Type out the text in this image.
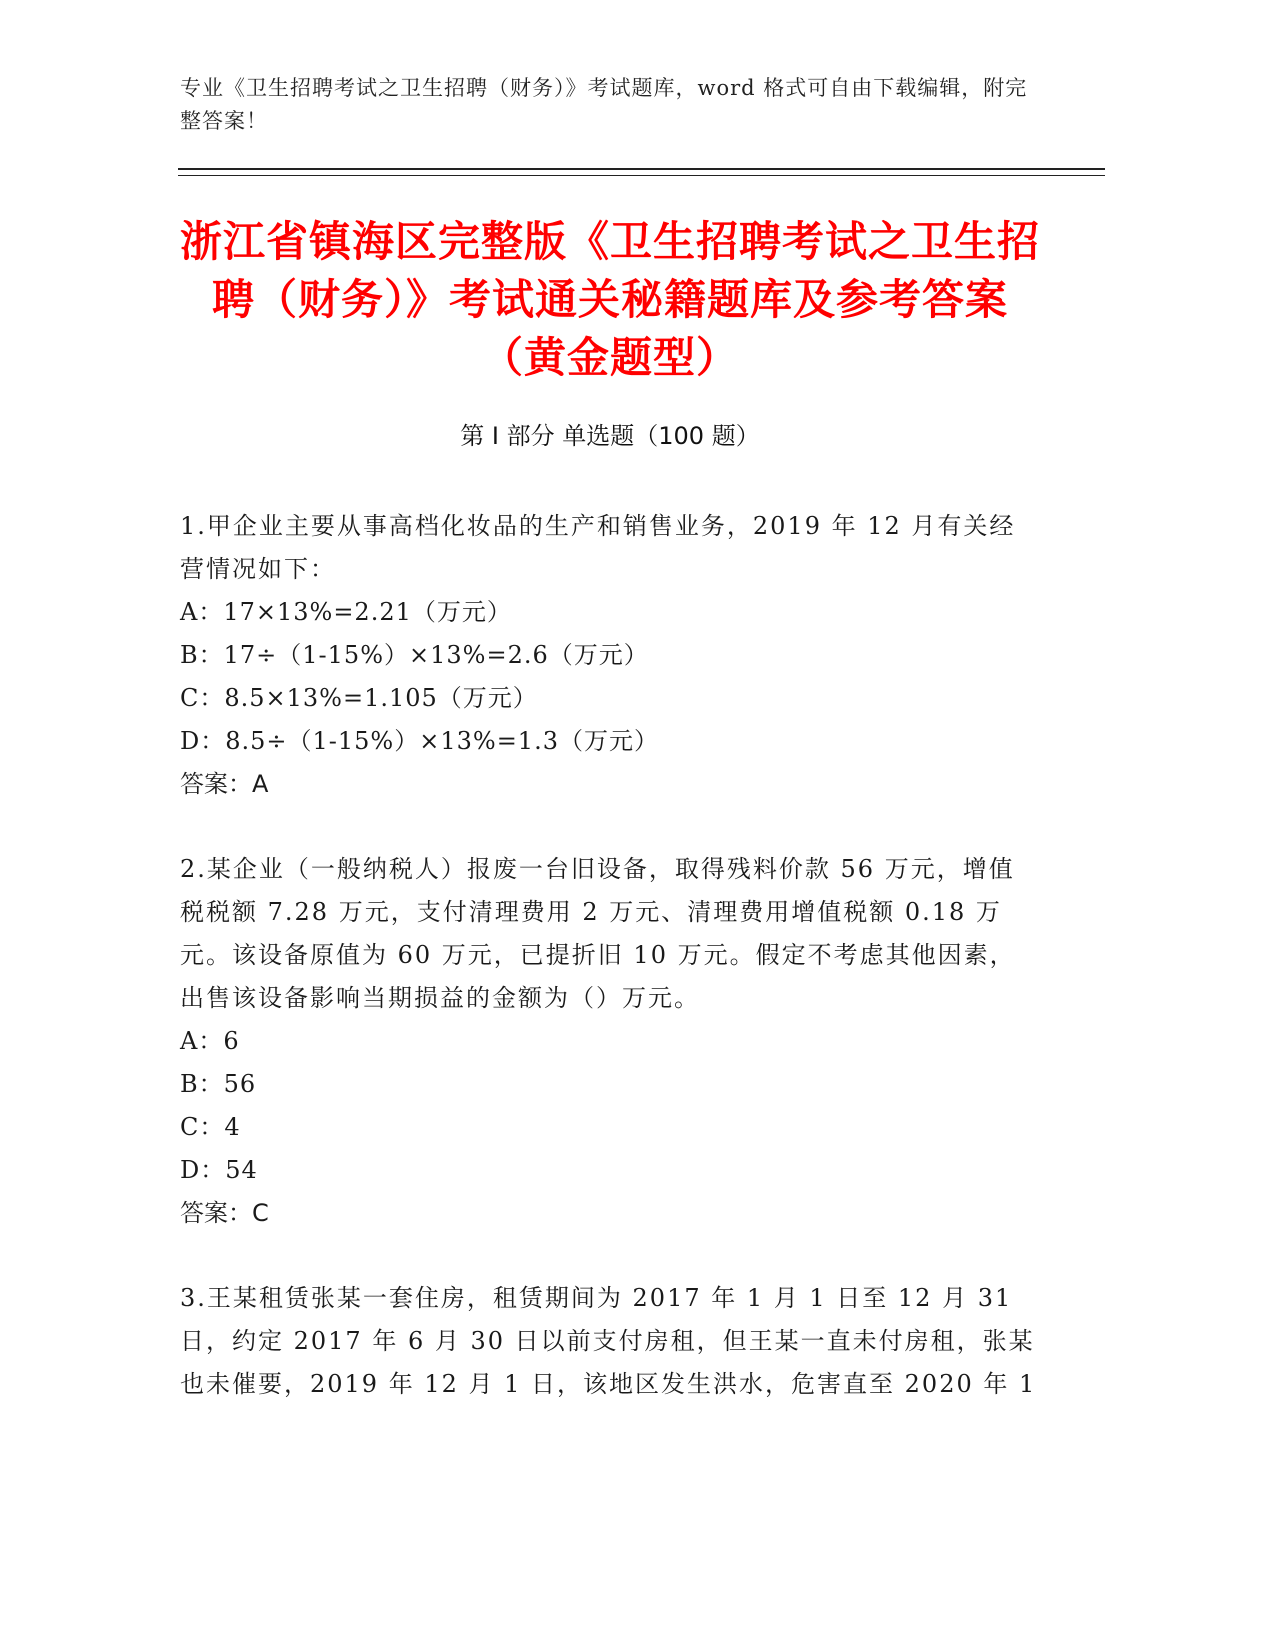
专业《卫生招聘考试之卫生招聘（财务）》考试题库，word 格式可自由下载编辑，附完整答案！
浙江省镇海区完整版《卫生招聘考试之卫生招聘（财务）》考试通关秘籍题库及参考答案（黄金题型）
第 I 部分 单选题（100 题）

1.甲企业主要从事高档化妆品的生产和销售业务，2019 年 12 月有关经营情况如下：

A：17×13%=2.21（万元）

B：17÷（1-15%）×13%=2.6（万元）

C：8.5×13%=1.105（万元）

D：8.5÷（1-15%）×13%=1.3（万元）

答案：A

2.某企业（一般纳税人）报废一台旧设备，取得残料价款 56 万元，增值税税额 7.28 万元，支付清理费用 2 万元、清理费用增值税额 0.18 万元。该设备原值为 60 万元，已提折旧 10 万元。假定不考虑其他因素，出售该设备影响当期损益的金额为（）万元。

A：6

B：56

C：4

D：54

答案：C

3.王某租赁张某一套住房，租赁期间为 2017 年 1 月 1 日至 12 月 31 日，约定 2017 年 6 月 30 日以前支付房租，但王某一直未付房租，张某也未催要，2019 年 12 月 1 日，该地区发生洪水，危害直至 2020 年 1
